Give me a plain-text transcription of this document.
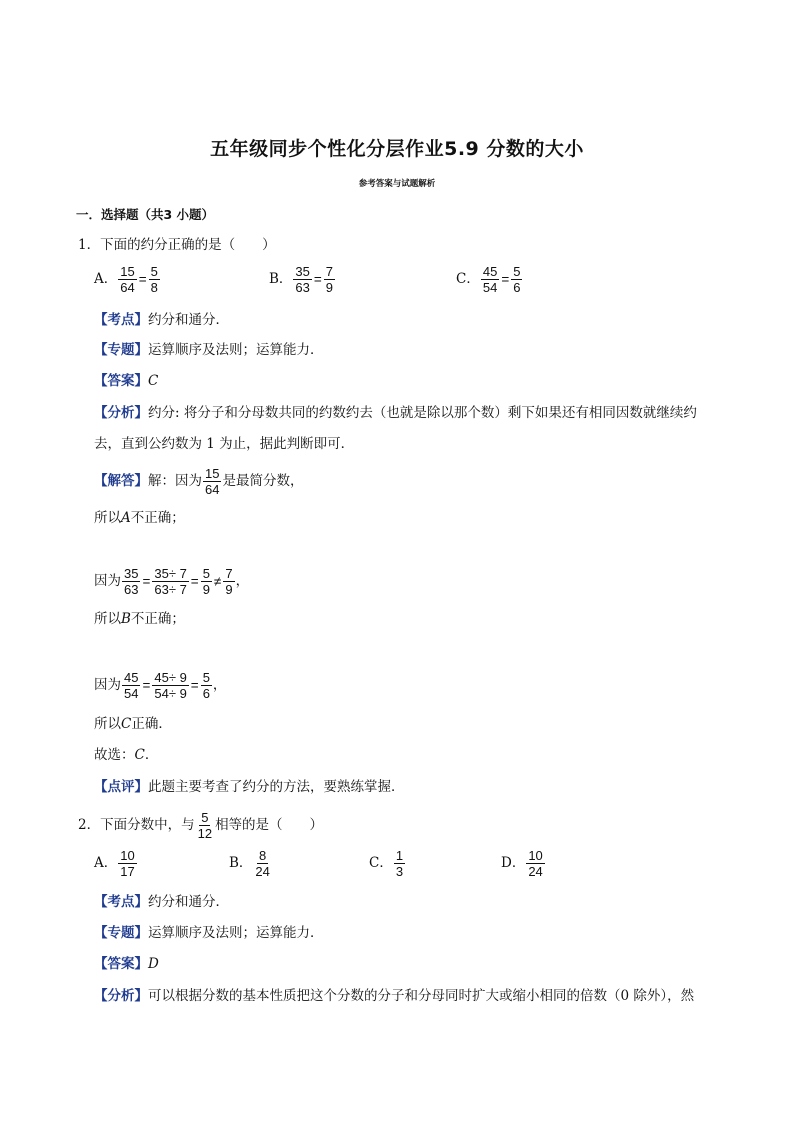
五年级同步个性化分层作业5.9 分数的大小
参考答案与试题解析
一．选择题（共3 小题）
1．下面的约分正确的是（　　）
A． $\frac{15}{64} = \frac{5}{8}$	B． $\frac{35}{63} = \frac{7}{9}$	C． $\frac{45}{54} = \frac{5}{6}$
【考点】约分和通分．
【专题】运算顺序及法则；运算能力．
【答案】C
【分析】约分: 将分子和分母数共同的约数约去（也就是除以那个数）剩下如果还有相同因数就继续约
去，直到公约数为 1 为止，据此判断即可．
【解答】解：因为 $\frac{15}{64}$ 是最简分数，
所以A不正确；
因为 $\frac{35}{63} = \frac{35\div 7}{63\div 7} = \frac{5}{9} \ne \frac{7}{9}$ ，
所以B不正确；
因为 $\frac{45}{54} = \frac{45\div 9}{54\div 9} = \frac{5}{6}$ ，
所以C正确．
故选：C．
【点评】此题主要考查了约分的方法，要熟练掌握．
2．下面分数中，与 $\frac{5}{12}$ 相等的是（　　）
A． $\frac{10}{17}$	B． $\frac{8}{24}$	C． $\frac{1}{3}$	D． $\frac{10}{24}$
【考点】约分和通分．
【专题】运算顺序及法则；运算能力．
【答案】D
【分析】可以根据分数的基本性质把这个分数的分子和分母同时扩大或缩小相同的倍数（0 除外），然
